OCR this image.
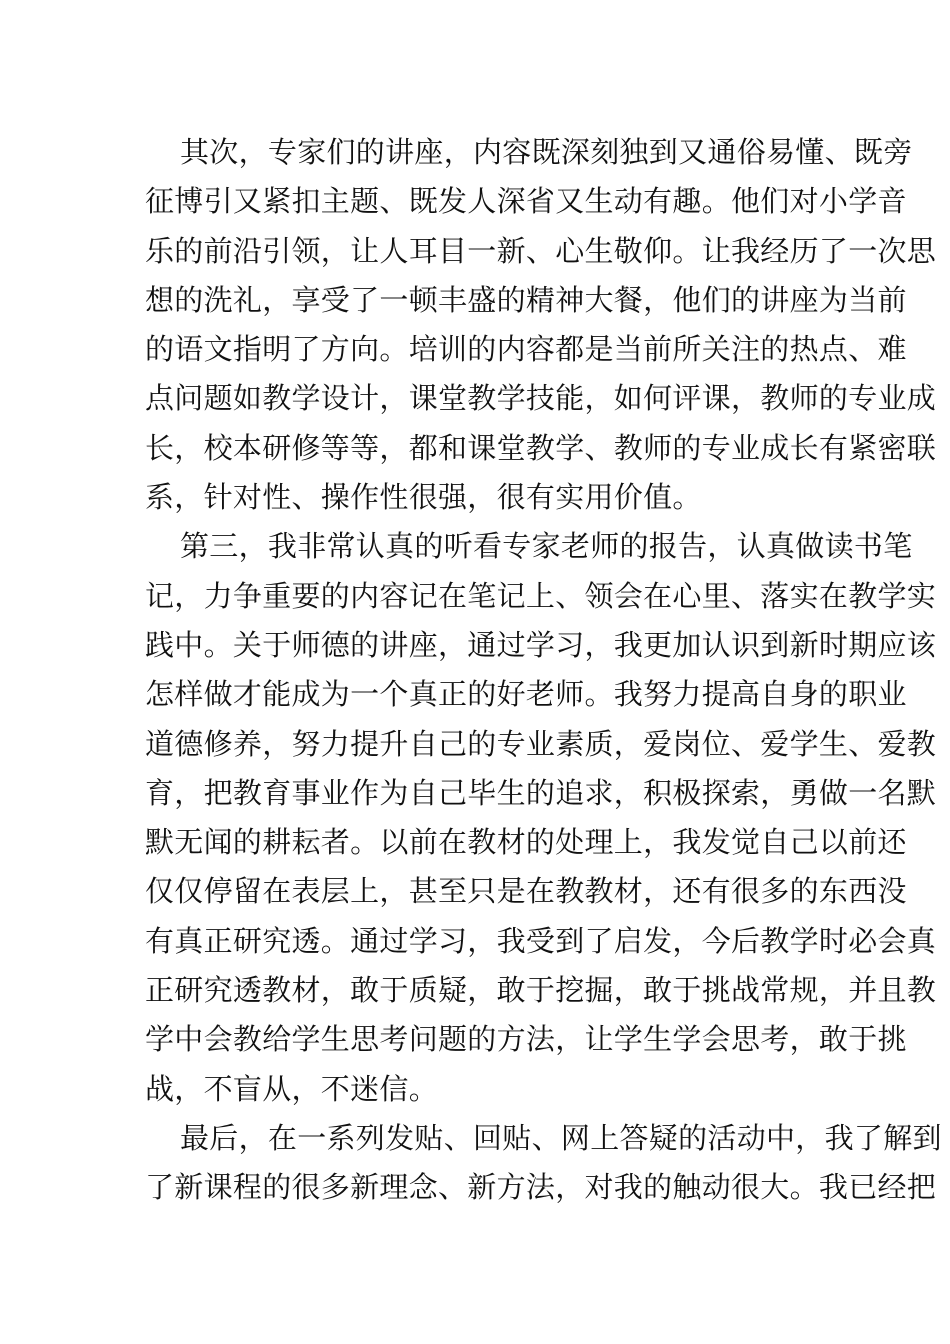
其次，专家们的讲座，内容既深刻独到又通俗易懂、既旁
征博引又紧扣主题、既发人深省又生动有趣。他们对小学音
乐的前沿引领，让人耳目一新、心生敬仰。让我经历了一次思
想的洗礼，享受了一顿丰盛的精神大餐，他们的讲座为当前
的语文指明了方向。培训的内容都是当前所关注的热点、难
点问题如教学设计，课堂教学技能，如何评课，教师的专业成
长，校本研修等等，都和课堂教学、教师的专业成长有紧密联
系，针对性、操作性很强，很有实用价值。
第三，我非常认真的听看专家老师的报告，认真做读书笔
记，力争重要的内容记在笔记上、领会在心里、落实在教学实
践中。关于师德的讲座，通过学习，我更加认识到新时期应该
怎样做才能成为一个真正的好老师。我努力提高自身的职业
道德修养，努力提升自己的专业素质，爱岗位、爱学生、爱教
育，把教育事业作为自己毕生的追求，积极探索，勇做一名默
默无闻的耕耘者。以前在教材的处理上，我发觉自己以前还
仅仅停留在表层上，甚至只是在教教材，还有很多的东西没
有真正研究透。通过学习，我受到了启发，今后教学时必会真
正研究透教材，敢于质疑，敢于挖掘，敢于挑战常规，并且教
学中会教给学生思考问题的方法，让学生学会思考，敢于挑
战，不盲从，不迷信。
最后，在一系列发贴、回贴、网上答疑的活动中，我了解到
了新课程的很多新理念、新方法，对我的触动很大。我已经把
